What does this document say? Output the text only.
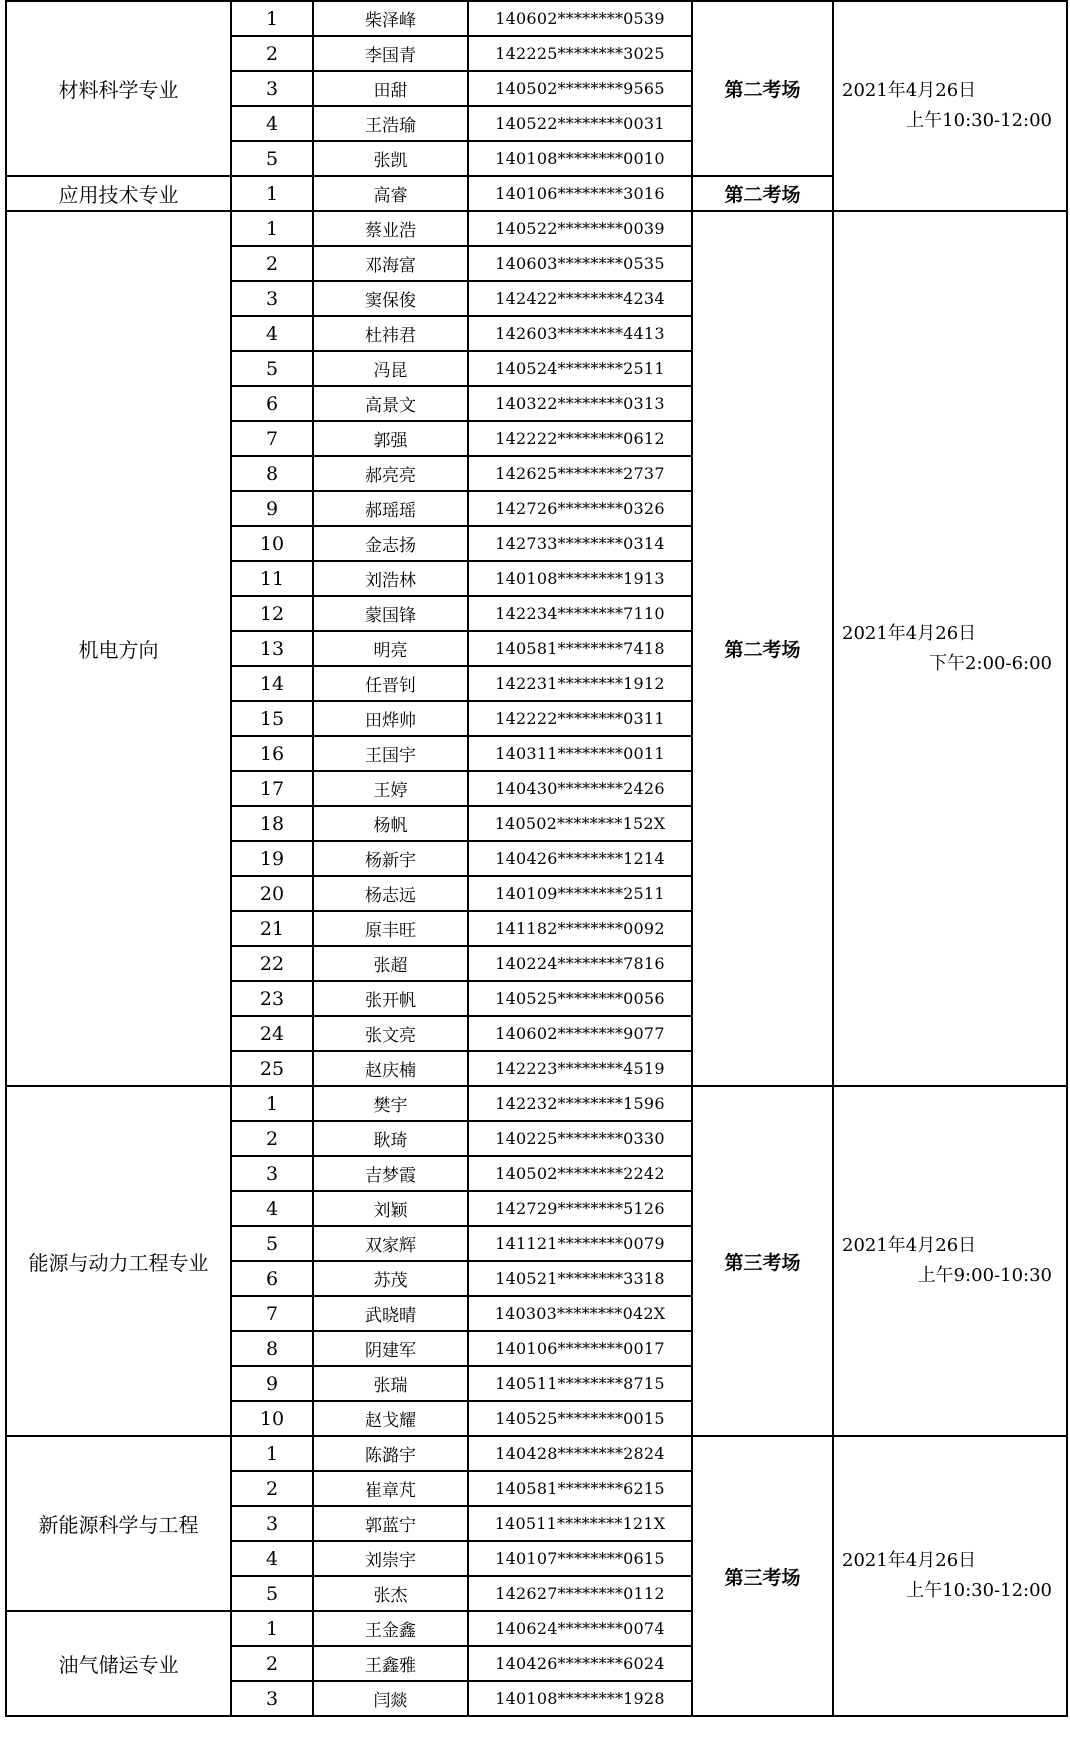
材料科学专业	1	柴泽峰	140602********0539	第二考场	2021年4月26日
上午10:30-12:00

	2	李国青	142225********3025		
	3	田甜	140502********9565		
	4	王浩瑜	140522********0031		
	5	张凯	140108********0010		
应用技术专业	1	高睿	140106********3016	第二考场	
机电方向	1	蔡业浩	140522********0039	第二考场	2021年4月26日
下午2:00-6:00

	2	邓海富	140603********0535		
	3	窦保俊	142422********4234		
	4	杜祎君	142603********4413		
	5	冯昆	140524********2511		
	6	高景文	140322********0313		
	7	郭强	142222********0612		
	8	郝亮亮	142625********2737		
	9	郝瑶瑶	142726********0326		
	10	金志扬	142733********0314		
	11	刘浩林	140108********1913		
	12	蒙国锋	142234********7110		
	13	明亮	140581********7418		
	14	任晋钊	142231********1912		
	15	田烨帅	142222********0311		
	16	王国宇	140311********0011		
	17	王婷	140430********2426		
	18	杨帆	140502********152X		
	19	杨新宇	140426********1214		
	20	杨志远	140109********2511		
	21	原丰旺	141182********0092		
	22	张超	140224********7816		
	23	张开帆	140525********0056		
	24	张文亮	140602********9077		
	25	赵庆楠	142223********4519		
能源与动力工程专业	1	樊宇	142232********1596	第三考场	2021年4月26日
上午9:00-10:30

	2	耿琦	140225********0330		
	3	吉梦霞	140502********2242		
	4	刘颖	142729********5126		
	5	双家辉	141121********0079		
	6	苏茂	140521********3318		
	7	武晓晴	140303********042X		
	8	阴建军	140106********0017		
	9	张瑞	140511********8715		
	10	赵戈耀	140525********0015		
新能源科学与工程	1	陈潞宇	140428********2824	第三考场	2021年4月26日
上午10:30-12:00

	2	崔章芃	140581********6215		
	3	郭蓝宁	140511********121X		
	4	刘崇宇	140107********0615		
	5	张杰	142627********0112		
油气储运专业	1	王金鑫	140624********0074		
	2	王鑫雅	140426********6024		
	3	闫燚	140108********1928		
